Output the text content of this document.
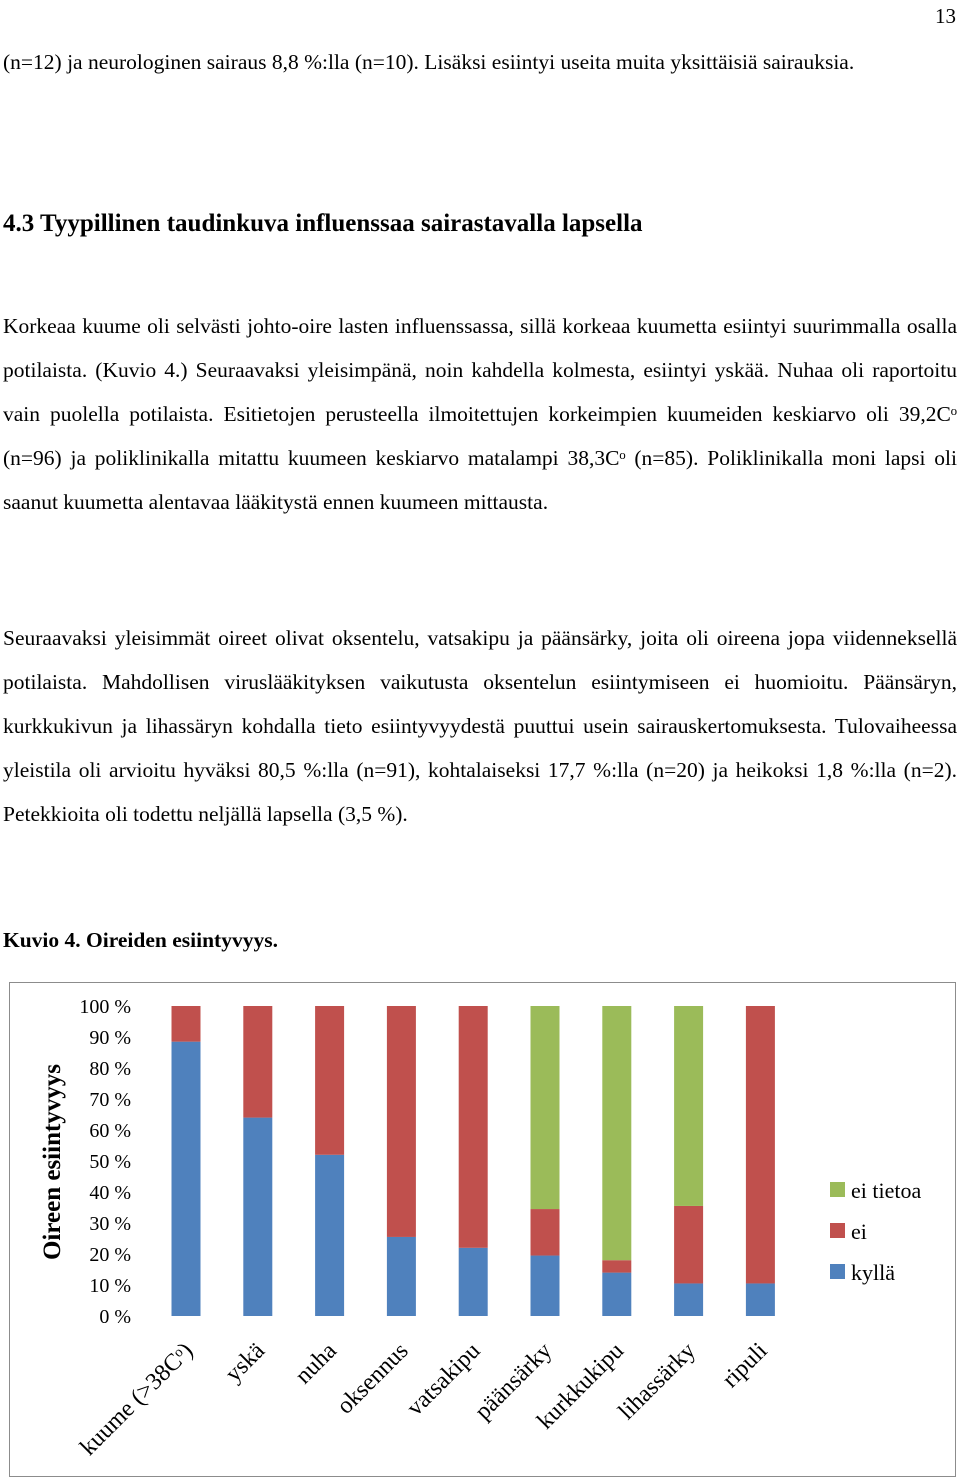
13

(n=12) ja neurologinen sairaus 8,8 %:lla (n=10). Lisäksi esiintyi useita muita yksittäisiä sairauksia.

4.3 Tyypillinen taudinkuva influenssaa sairastavalla lapsella

Korkeaa kuume oli selvästi johto-oire lasten influenssassa, sillä korkeaa kuumetta esiintyi suurimmalla osalla potilaista. (Kuvio 4.) Seuraavaksi yleisimpänä, noin kahdella kolmesta, esiintyi yskää. Nuhaa oli raportoitu vain puolella potilaista. Esitietojen perusteella ilmoitettujen korkeimpien kuumeiden keskiarvo oli 39,2Cᵒ (n=96) ja poliklinikalla mitattu kuumeen keskiarvo matalampi 38,3Cᵒ (n=85). Poliklinikalla moni lapsi oli saanut kuumetta alentavaa lääkitystä ennen kuumeen mittausta.

Seuraavaksi yleisimmät oireet olivat oksentelu, vatsakipu ja päänsärky, joita oli oireena jopa viidenneksellä potilaista. Mahdollisen viruslääkityksen vaikutusta oksentelun esiintymiseen ei huomioitu. Päänsäryn, kurkkukivun ja lihassäryn kohdalla tieto esiintyvyydestä puuttui usein sairauskertomuksesta. Tulovaiheessa yleistila oli arvioitu hyväksi 80,5 %:lla (n=91), kohtalaiseksi 17,7 %:lla (n=20) ja heikoksi 1,8 %:lla (n=2). Petekkioita oli todettu neljällä lapsella (3,5 %).

Kuvio 4. Oireiden esiintyvyys.

Oireen esiintyvyys
0 %
10 %
20 %
30 %
40 %
50 %
60 %
70 %
80 %
90 %
100 %
kuume (>38Cᵒ) yskä nuha
oksennus
vatsakipu
päänsärky
kurkkukipu
lihassärky ripuli
ei tietoa
ei
kyllä
